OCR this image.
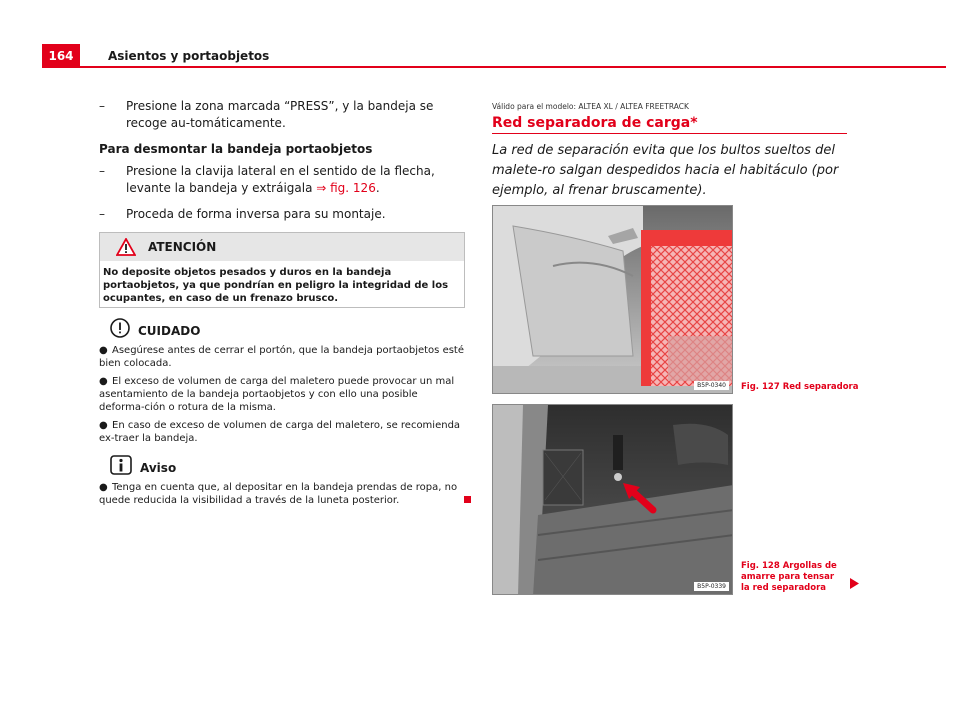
164	Asientos y portaobjetos
– Presione la zona marcada “PRESS”, y la bandeja se recoge au-tomáticamente.
Para desmontar la bandeja portaobjetos
– Presione la clavija lateral en el sentido de la flecha, levante la bandeja y extráigala ⇒ fig. 126.
– Proceda de forma inversa para su montaje.
ATENCIÓN
No deposite objetos pesados y duros en la bandeja portaobjetos, ya que pondrían en peligro la integridad de los ocupantes, en caso de un frenazo brusco.
CUIDADO
● Asegúrese antes de cerrar el portón, que la bandeja portaobjetos esté bien colocada.
● El exceso de volumen de carga del maletero puede provocar un mal asentamiento de la bandeja portaobjetos y con ello una posible deforma-ción o rotura de la misma.
● En caso de exceso de volumen de carga del maletero, se recomienda ex-traer la bandeja.
Aviso
● Tenga en cuenta que, al depositar en la bandeja prendas de ropa, no quede reducida la visibilidad a través de la luneta posterior.
Válido para el modelo: ALTEA XL / ALTEA FREETRACK
Red separadora de carga*
La red de separación evita que los bultos sueltos del malete-ro salgan despedidos hacia el habitáculo (por ejemplo, al frenar bruscamente).
B5P-0340	Fig. 127 Red separadora
B5P-0339
Fig. 128 Argollas de amarre para tensar la red separadora
